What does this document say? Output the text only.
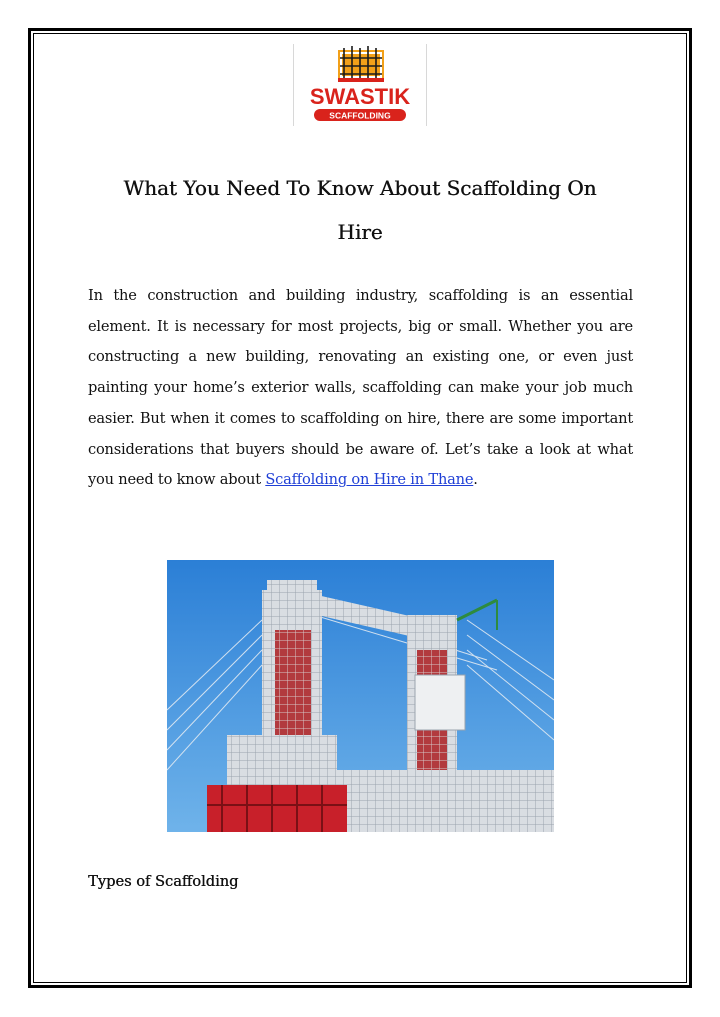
SWASTIK
SCAFFOLDING
What You Need To Know About Scaffolding On
Hire

In the construction and building industry, scaffolding is an essential element. It is necessary for most projects, big or small. Whether you are constructing a new building, renovating an existing one, or even just painting your home’s exterior walls, scaffolding can make your job much easier. But when it comes to scaffolding on hire, there are some important considerations that buyers should be aware of. Let’s take a look at what you need to know about Scaffolding on Hire in Thane.

Types of Scaffolding
